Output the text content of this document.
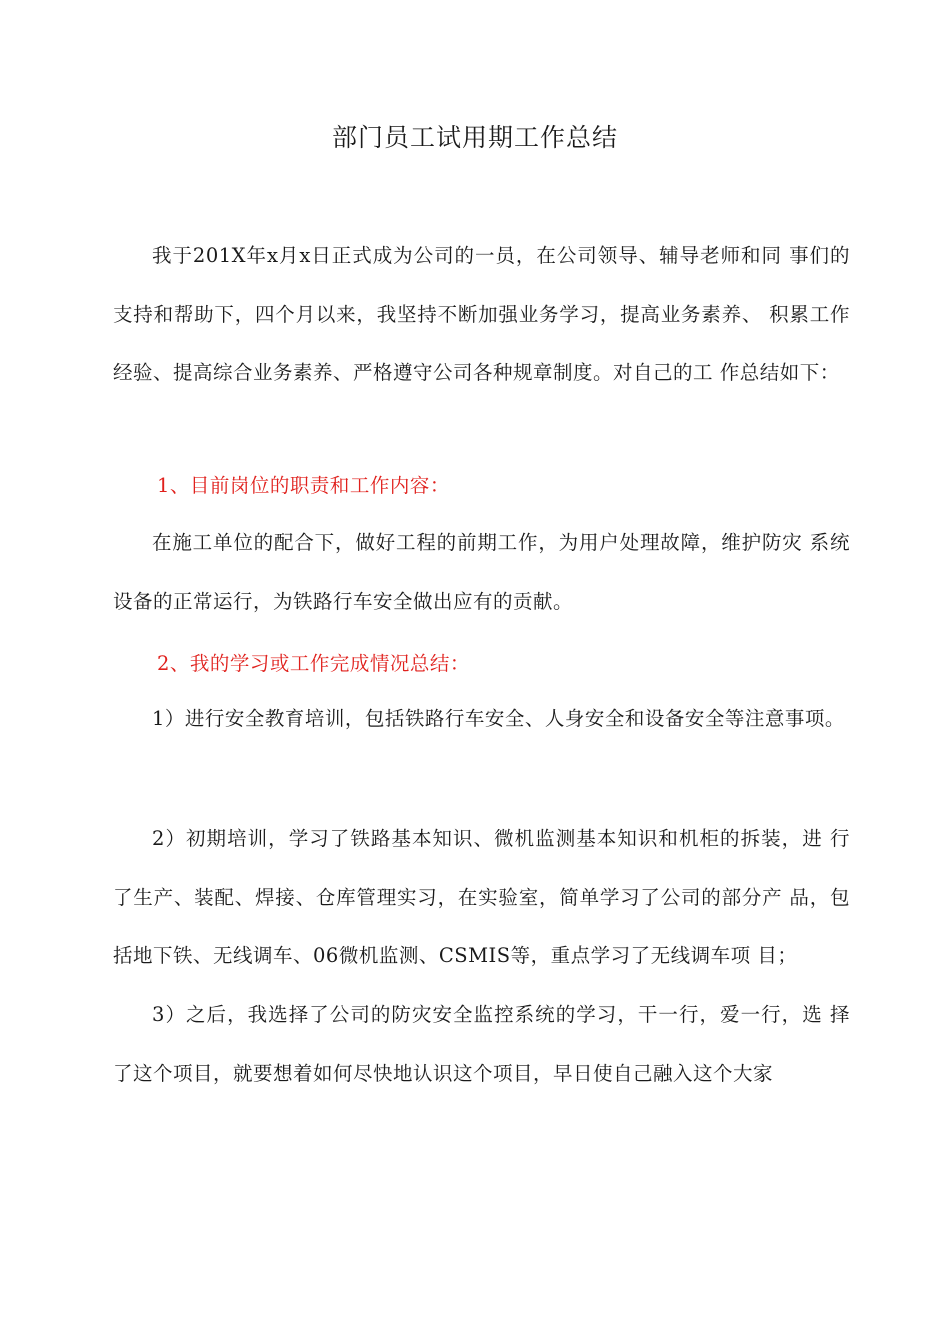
部门员工试用期工作总结

我于201X年x月x日正式成为公司的一员，在公司领导、辅导老师和同 事们的支持和帮助下，四个月以来，我坚持不断加强业务学习，提高业务素养、 积累工作经验、提高综合业务素养、严格遵守公司各种规章制度。对自己的工 作总结如下：

1、目前岗位的职责和工作内容：

在施工单位的配合下，做好工程的前期工作，为用户处理故障，维护防灾 系统设备的正常运行，为铁路行车安全做出应有的贡献。

2、我的学习或工作完成情况总结：

1）进行安全教育培训，包括铁路行车安全、人身安全和设备安全等注意事项。

2）初期培训，学习了铁路基本知识、微机监测基本知识和机柜的拆装，进 行了生产、装配、焊接、仓库管理实习，在实验室，简单学习了公司的部分产 品，包括地下铁、无线调车、06微机监测、CSMIS等，重点学习了无线调车项 目；

3）之后，我选择了公司的防灾安全监控系统的学习，干一行，爱一行，选 择了这个项目，就要想着如何尽快地认识这个项目，早日使自己融入这个大家
